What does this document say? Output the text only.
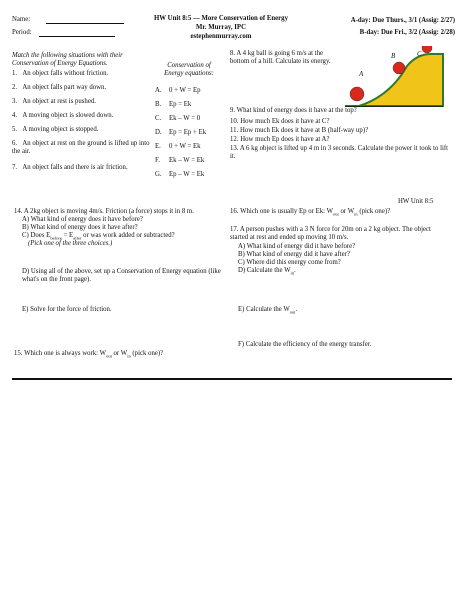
Name:
Period:
HW Unit 8:5 — More Conservation of Energy
Mr. Murray, IPC
estephenmurray.com
A-day: Due Thurs., 3/1 (Assig: 2/27)
B-day: Due Fri., 3/2 (Assig: 2/28)
Match the following situations with their
Conservation of Energy Equations.	Conservation of
Energy equations:
1. An object falls without friction.
2. An object falls part way down.
3. An object at rest is pushed.
4. A moving object is slowed down.
5. A moving object is stopped.
6. An object at rest on the ground is lifted up into the air.
7. An object falls and there is air friction.
A. 0 + W = Ep
B. Ep = Ek
C. Ek – W = 0
D. Ep = Ep + Ek
E. 0 + W = Ek
F. Ek – W = Ek
G. Ep – W = Ek
8. A 4 kg ball is going 6 m/s at the bottom of a hill. Calculate its energy.
A
B	C
9. What kind of energy does it have at the top?
10. How much Ek does it have at C?
11. How much Ek does it have at B (half-way up)?
12. How much Ep does it have at A?
13. A 6 kg object is lifted up 4 m in 3 seconds. Calculate the power it took to lift it.
HW Unit 8:5
14. A 2kg object is moving 4m/s. Friction (a force) stops it in 8 m.
A) What kind of energy does it have before?
B) What kind of energy does it have after?
C) Does $E_{before} = E_{after}$ or was work added or subtracted?
(Pick one of the three choices.)
D) Using all of the above, set up a Conservation of Energy equation (like what's on the front page).
E) Solve for the force of friction.
15. Which one is always work: $W_{out}$ or $W_{in}$ (pick one)?
16. Which one is usually Ep or Ek: $W_{out}$ or $W_{in}$ (pick one)?
17. A person pushes with a 3 N force for 20m on a 2 kg object. The object started at rest and ended up moving 10 m/s.
A) What kind of energy did it have before?
B) What kind of energy did it have after?
C) Where did this energy come from?
D) Calculate the $W_{in}$.
E) Calculate the $W_{out}$.
F) Calculate the efficiency of the energy transfer.
